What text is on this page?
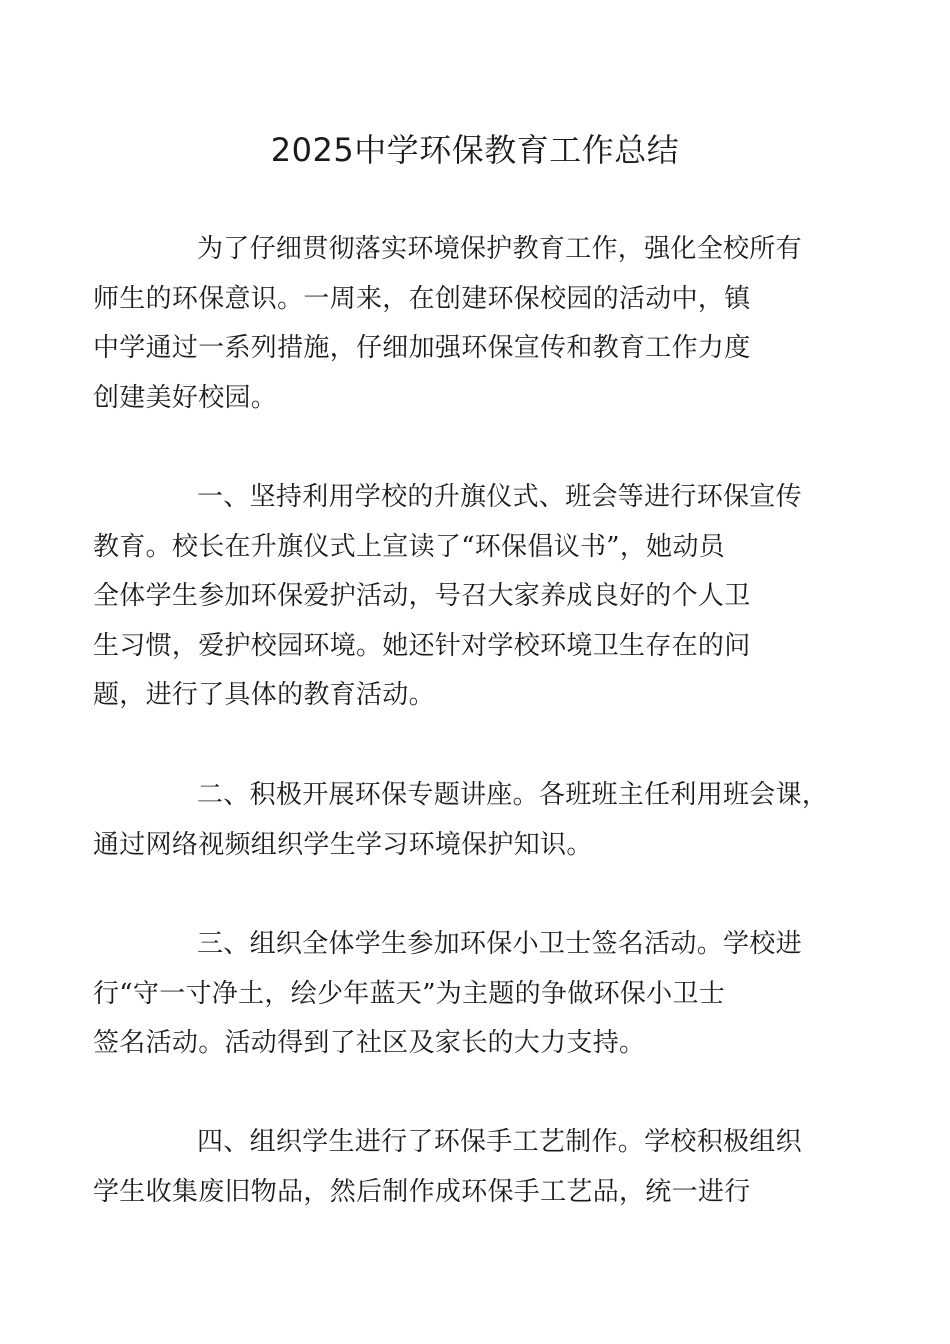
2025中学环保教育工作总结

为了仔细贯彻落实环境保护教育工作，强化全校所有
师生的环保意识。一周来，在创建环保校园的活动中，镇
中学通过一系列措施，仔细加强环保宣传和教育工作力度
创建美好校园。

一、坚持利用学校的升旗仪式、班会等进行环保宣传
教育。校长在升旗仪式上宣读了“环保倡议书”，她动员
全体学生参加环保爱护活动，号召大家养成良好的个人卫
生习惯，爱护校园环境。她还针对学校环境卫生存在的问
题，进行了具体的教育活动。

二、积极开展环保专题讲座。各班班主任利用班会课，
通过网络视频组织学生学习环境保护知识。

三、组织全体学生参加环保小卫士签名活动。学校进
行“守一寸净土，绘少年蓝天”为主题的争做环保小卫士
签名活动。活动得到了社区及家长的大力支持。

四、组织学生进行了环保手工艺制作。学校积极组织
学生收集废旧物品，然后制作成环保手工艺品，统一进行
